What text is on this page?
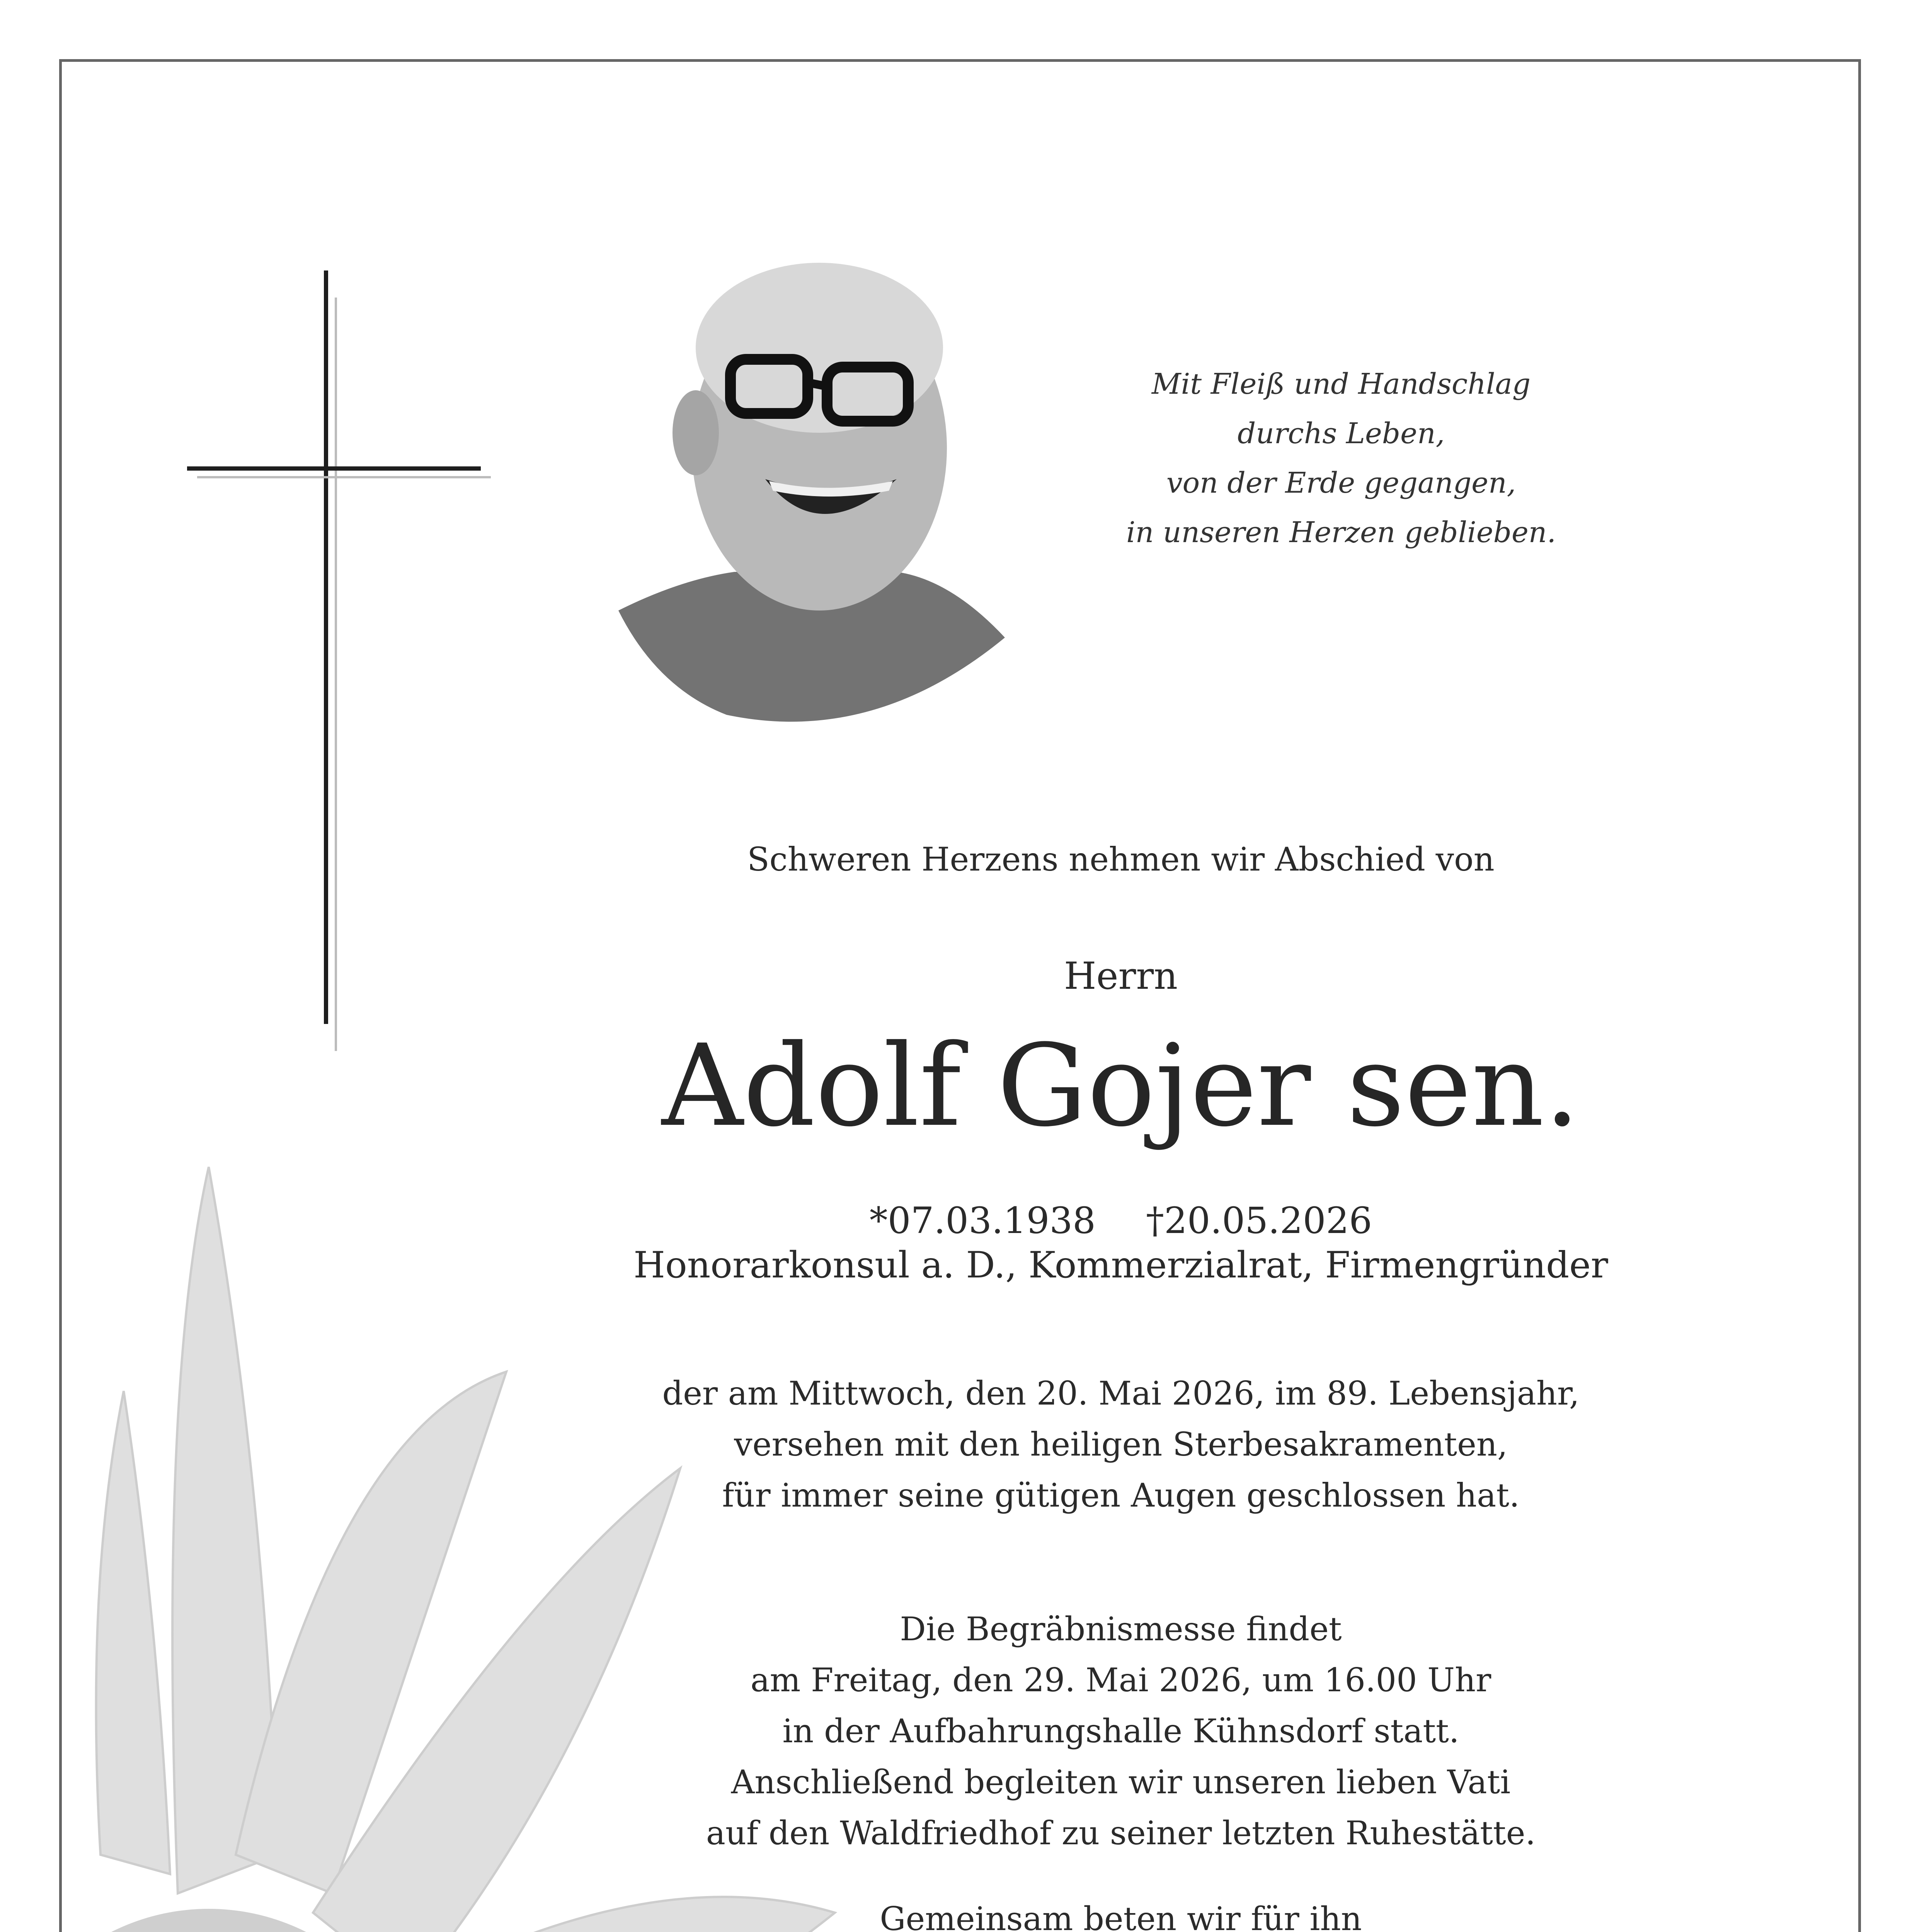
Mit Fleiß und Handschlag
durchs Leben,
von der Erde gegangen,
in unseren Herzen geblieben.
Schweren Herzens nehmen wir Abschied von
Herrn
Adolf Gojer sen.
*07.03.1938 †20.05.2026
Honorarkonsul a. D., Kommerzialrat, Firmengründer
der am Mittwoch, den 20. Mai 2026, im 89. Lebensjahr,
versehen mit den heiligen Sterbesakramenten,
für immer seine gütigen Augen geschlossen hat.
Die Begräbnismesse findet
am Freitag, den 29. Mai 2026, um 16.00 Uhr
in der Aufbahrungshalle Kühnsdorf statt.
Anschließend begleiten wir unseren lieben Vati
auf den Waldfriedhof zu seiner letzten Ruhestätte.
Gemeinsam beten wir für ihn
